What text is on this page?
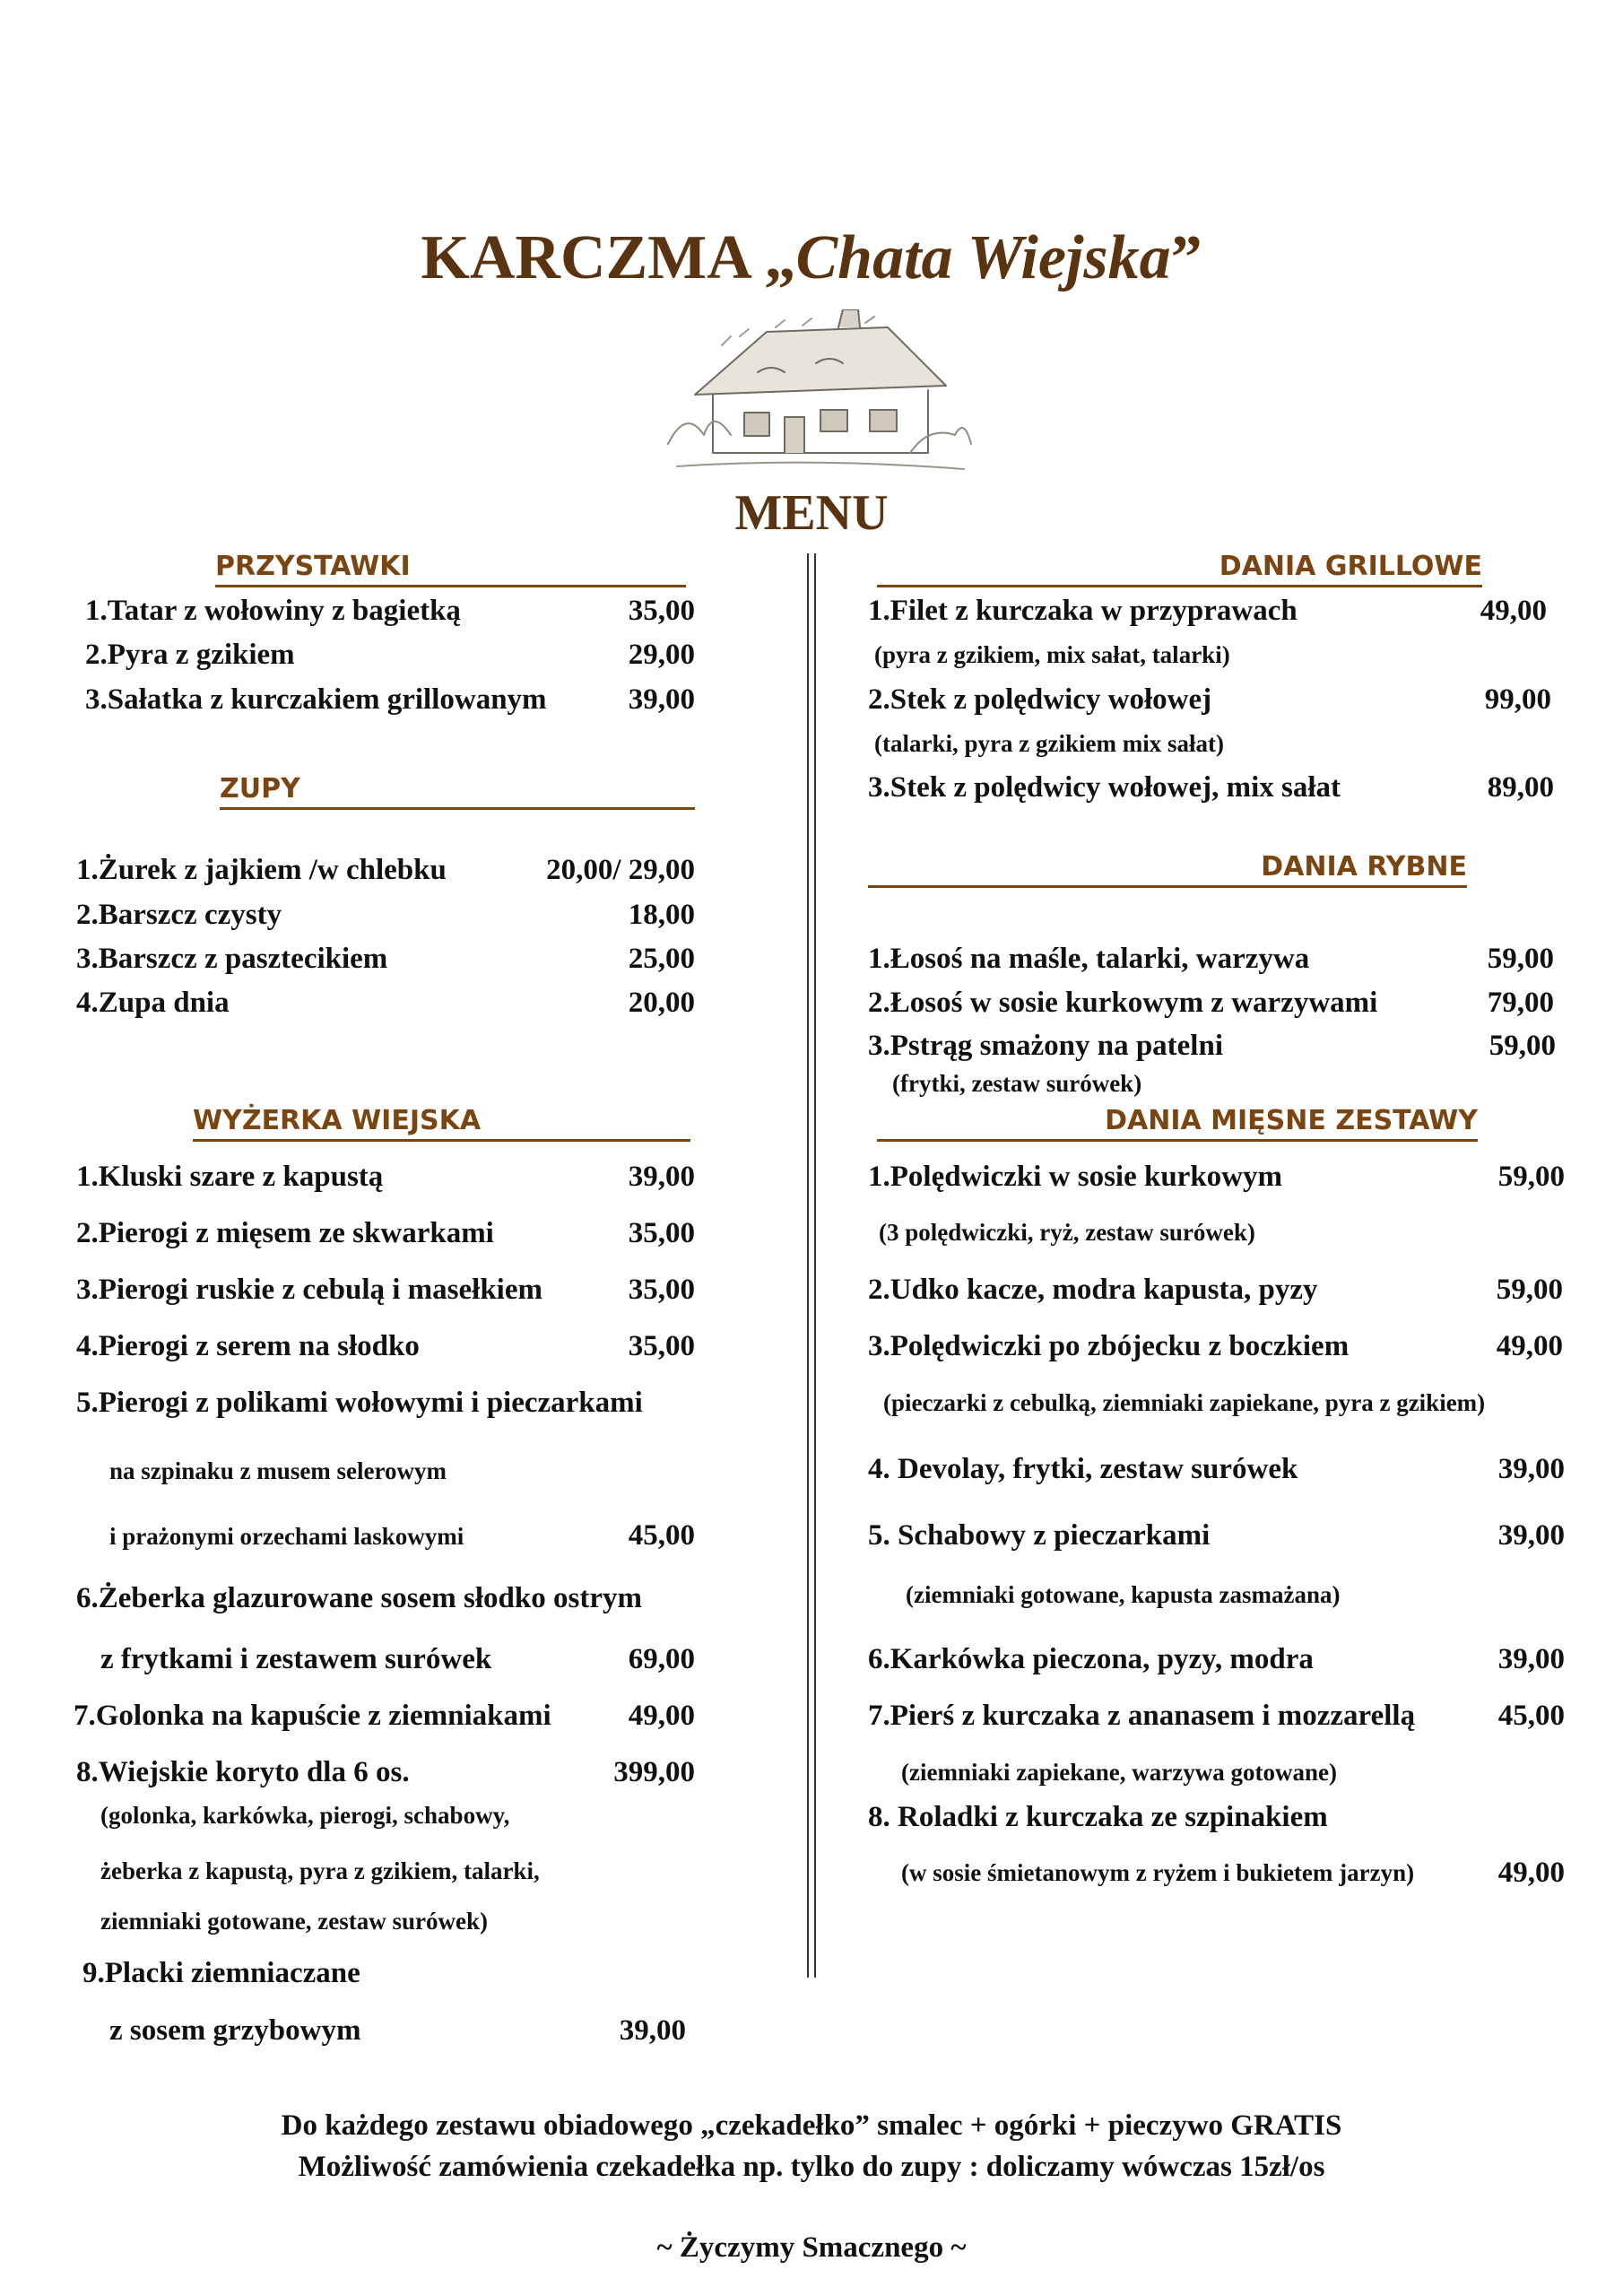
KARCZMA „Chata Wiejska”
MENU
PRZYSTAWKI
1.Tatar z wołowiny z bagietką	35,00
2.Pyra z gzikiem	29,00
3.Sałatka z kurczakiem grillowanym	39,00
ZUPY
1.Żurek z jajkiem /w chlebku	20,00/ 29,00
2.Barszcz czysty	18,00
3.Barszcz z pasztecikiem	25,00
4.Zupa dnia	20,00
WYŻERKA WIEJSKA
1.Kluski szare z kapustą	39,00
2.Pierogi z mięsem ze skwarkami	35,00
3.Pierogi ruskie z cebulą i masełkiem	35,00
4.Pierogi z serem na słodko	35,00
5.Pierogi z polikami wołowymi i pieczarkami
na szpinaku z musem selerowym
i prażonymi orzechami laskowymi	45,00
6.Żeberka glazurowane sosem słodko ostrym
z frytkami i zestawem surówek	69,00
7.Golonka na kapuście z ziemniakami	49,00
8.Wiejskie koryto dla 6 os.	399,00
(golonka, karkówka, pierogi, schabowy,
żeberka z kapustą, pyra z gzikiem, talarki,
ziemniaki gotowane, zestaw surówek)
9.Placki ziemniaczane
z sosem grzybowym	39,00
DANIA GRILLOWE
1.Filet z kurczaka w przyprawach	49,00
(pyra z gzikiem, mix sałat, talarki)
2.Stek z polędwicy wołowej	99,00
(talarki, pyra z gzikiem mix sałat)
3.Stek z polędwicy wołowej, mix sałat	89,00
DANIA RYBNE
1.Łosoś na maśle, talarki, warzywa	59,00
2.Łosoś w sosie kurkowym z warzywami	79,00
3.Pstrąg smażony na patelni	59,00
(frytki, zestaw surówek)
DANIA MIĘSNE ZESTAWY
1.Polędwiczki w sosie kurkowym	59,00
(3 polędwiczki, ryż, zestaw surówek)
2.Udko kacze, modra kapusta, pyzy	59,00
3.Polędwiczki po zbójecku z boczkiem	49,00
(pieczarki z cebulką, ziemniaki zapiekane, pyra z gzikiem)
4. Devolay, frytki, zestaw surówek	39,00
5. Schabowy z pieczarkami	39,00
(ziemniaki gotowane, kapusta zasmażana)
6.Karkówka pieczona, pyzy, modra	39,00
7.Pierś z kurczaka z ananasem i mozzarellą	45,00
(ziemniaki zapiekane, warzywa gotowane)
8. Roladki z kurczaka ze szpinakiem
(w sosie śmietanowym z ryżem i bukietem jarzyn)	49,00
Do każdego zestawu obiadowego „czekadełko” smalec + ogórki + pieczywo GRATIS
Możliwość zamówienia czekadełka np. tylko do zupy : doliczamy wówczas 15zł/os
~ Życzymy Smacznego ~
